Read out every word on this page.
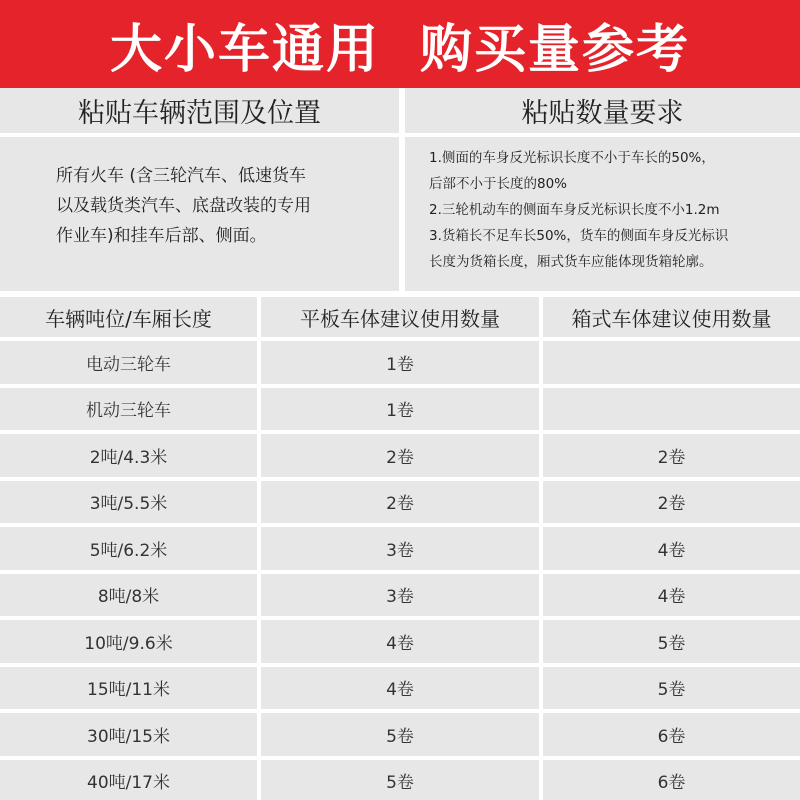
大小车通用 购买量参考
粘贴车辆范围及位置	粘贴数量要求
所有火车 (含三轮汽车、低速货车
以及载货类汽车、底盘改装的专用
作业车)和挂车后部、侧面。
1.侧面的车身反光标识长度不小于车长的50%，
后部不小于长度的80%
2.三轮机动车的侧面车身反光标识长度不小1.2m
3.货箱长不足车长50%，货车的侧面车身反光标识
长度为货箱长度，厢式货车应能体现货箱轮廓。
车辆吨位/车厢长度	平板车体建议使用数量	箱式车体建议使用数量
电动三轮车	1卷	
机动三轮车	1卷	
2吨/4.3米	2卷	2卷
3吨/5.5米	2卷	2卷
5吨/6.2米	3卷	4卷
8吨/8米	3卷	4卷
10吨/9.6米	4卷	5卷
15吨/11米	4卷	5卷
30吨/15米	5卷	6卷
40吨/17米	5卷	6卷
